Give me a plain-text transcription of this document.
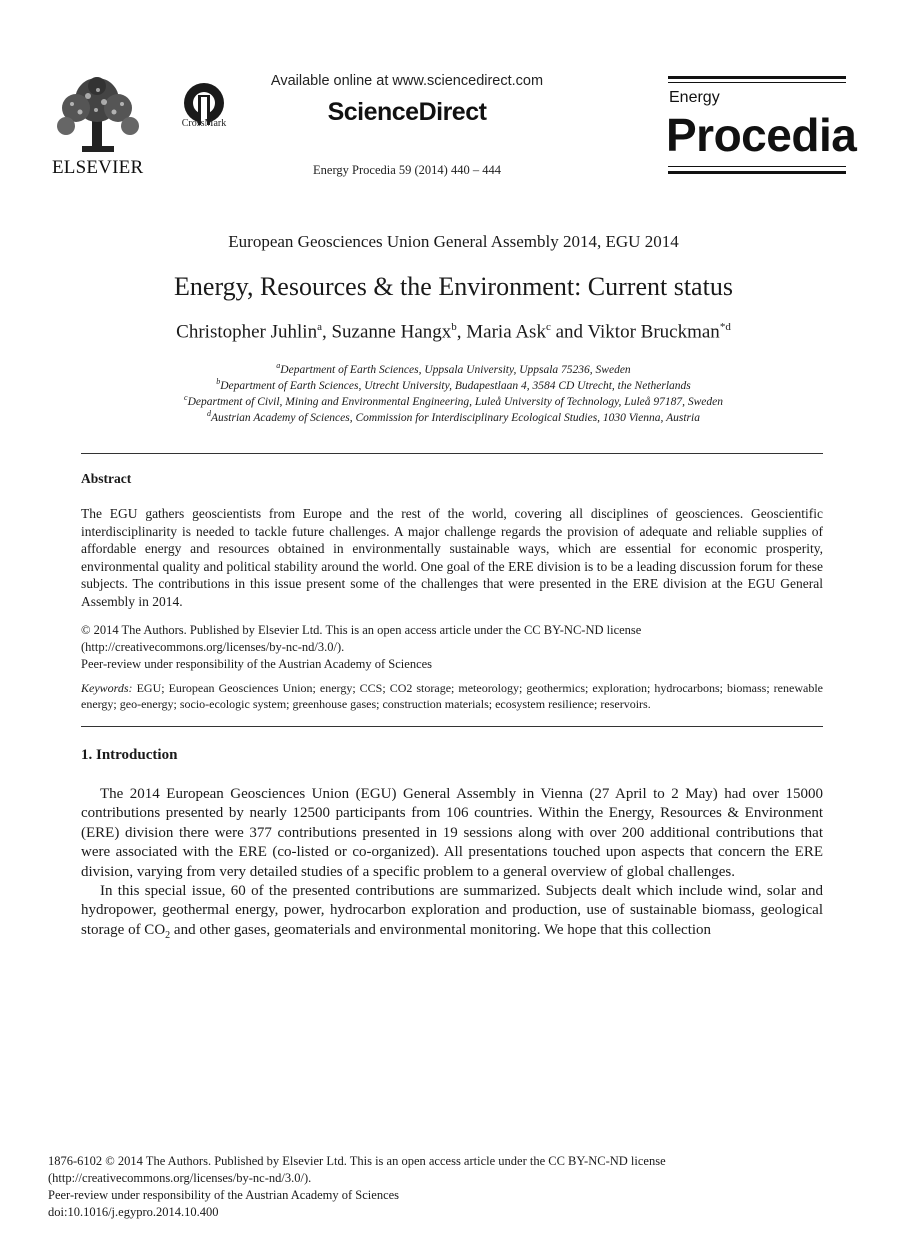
ELSEVIER
CrossMark
Available online at www.sciencedirect.com
ScienceDirect
Energy Procedia 59 (2014) 440 – 444
Energy
Procedia
European Geosciences Union General Assembly 2014, EGU 2014
Energy, Resources & the Environment: Current status
Christopher Juhlin$^a$, Suzanne Hangx$^b$, Maria Ask$^c$ and Viktor Bruckman$^{*d}$
$^a$Department of Earth Sciences, Uppsala University, Uppsala 75236, Sweden
$^b$Department of Earth Sciences, Utrecht University, Budapestlaan 4, 3584 CD Utrecht, the Netherlands
$^c$Department of Civil, Mining and Environmental Engineering, Luleå University of Technology, Luleå 97187, Sweden
$^d$Austrian Academy of Sciences, Commission for Interdisciplinary Ecological Studies, 1030 Vienna, Austria
Abstract
The EGU gathers geoscientists from Europe and the rest of the world, covering all disciplines of geosciences. Geoscientific interdisciplinarity is needed to tackle future challenges. A major challenge regards the provision of adequate and reliable supplies of affordable energy and resources obtained in environmentally sustainable ways, which are essential for economic prosperity, environmental quality and political stability around the world. One goal of the ERE division is to be a leading discussion forum for these subjects. The contributions in this issue present some of the challenges that were presented in the ERE division at the EGU General Assembly in 2014.
© 2014 The Authors. Published by Elsevier Ltd. This is an open access article under the CC BY-NC-ND license
(http://creativecommons.org/licenses/by-nc-nd/3.0/).
Peer-review under responsibility of the Austrian Academy of Sciences
Keywords: EGU; European Geosciences Union; energy; CCS; CO2 storage; meteorology; geothermics; exploration; hydrocarbons; biomass; renewable energy; geo-energy; socio-ecologic system; greenhouse gases; construction materials; ecosystem resilience; reservoirs.
1. Introduction

The 2014 European Geosciences Union (EGU) General Assembly in Vienna (27 April to 2 May) had over 15000 contributions presented by nearly 12500 participants from 106 countries. Within the Energy, Resources & Environment (ERE) division there were 377 contributions presented in 19 sessions along with over 200 additional contributions that were associated with the ERE (co-listed or co-organized). All presentations touched upon aspects that concern the ERE division, varying from very detailed studies of a specific problem to a general overview of global challenges.

In this special issue, 60 of the presented contributions are summarized. Subjects dealt which include wind, solar and hydropower, geothermal energy, power, hydrocarbon exploration and production, use of sustainable biomass, geological storage of $CO_2$ and other gases, geomaterials and environmental monitoring. We hope that this collection

1876-6102 © 2014 The Authors. Published by Elsevier Ltd. This is an open access article under the CC BY-NC-ND license
(http://creativecommons.org/licenses/by-nc-nd/3.0/).
Peer-review under responsibility of the Austrian Academy of Sciences
doi:10.1016/j.egypro.2014.10.400
